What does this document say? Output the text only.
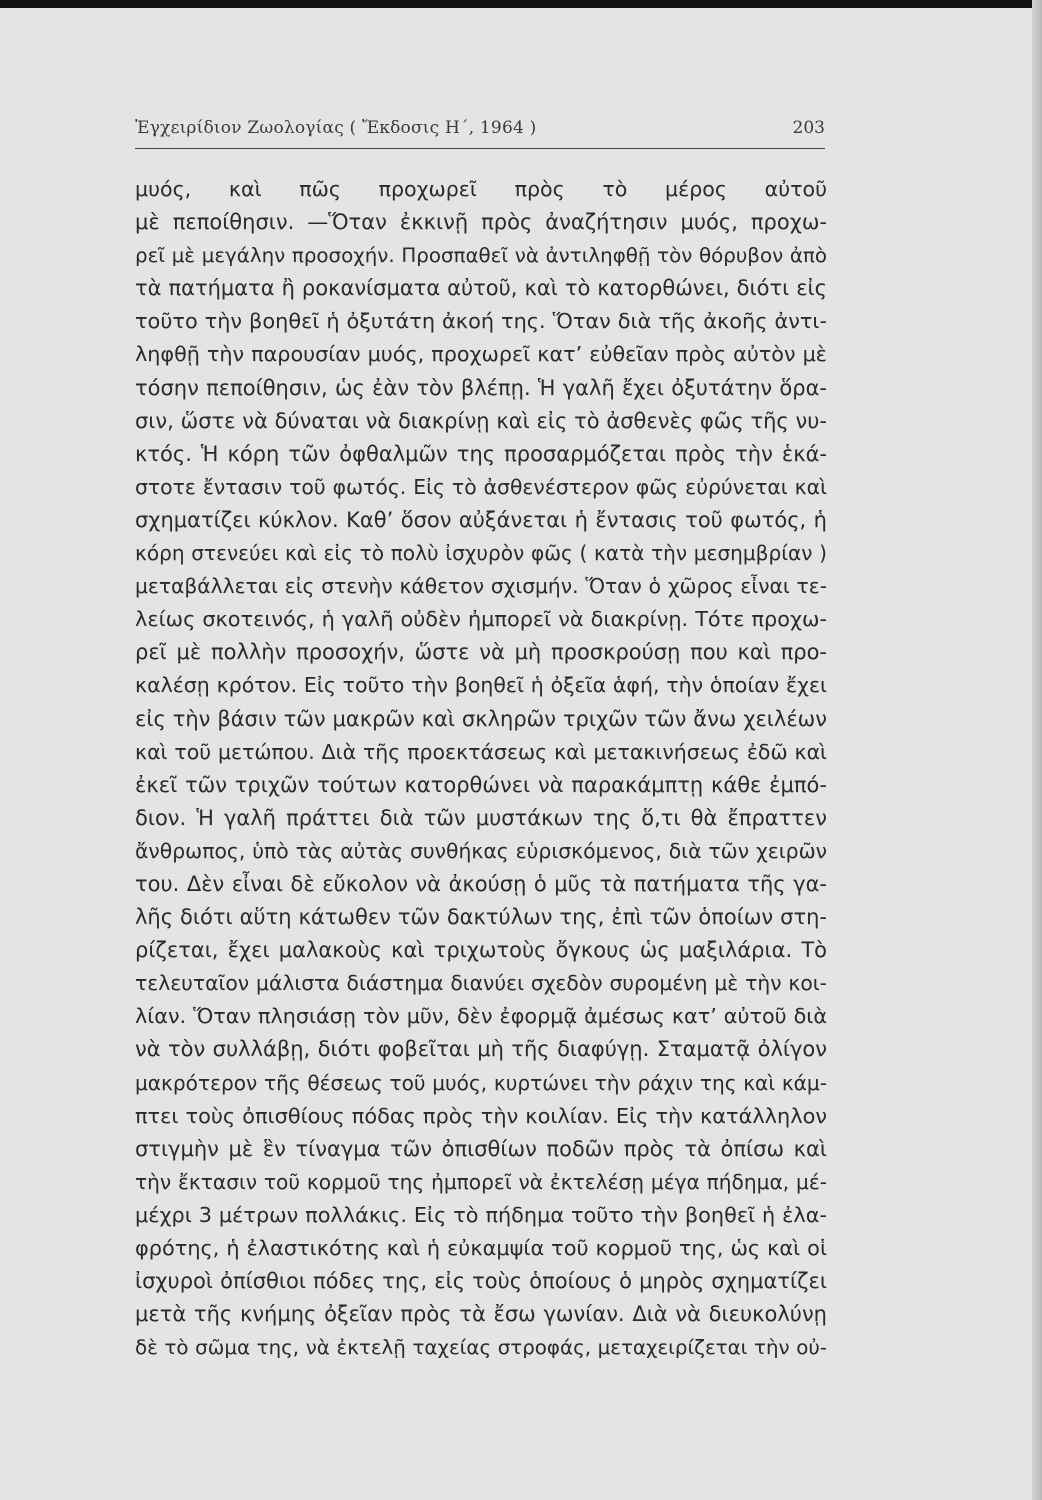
Ἐγχειρίδιον Ζωολογίας ( Ἔκδοσις Η΄, 1964 )	203
μυός, καὶ πῶς προχωρεῖ πρὸς τὸ μέρος αὐτοῦ
μὲ πεποίθησιν. —Ὅταν ἐκκινῇ πρὸς ἀναζήτησιν μυός, προχω-
ρεῖ μὲ μεγάλην προσοχήν. Προσπαθεῖ νὰ ἀντιληφθῇ τὸν θόρυβον ἀπὸ
τὰ πατήματα ἢ ροκανίσματα αὐτοῦ, καὶ τὸ κατορθώνει, διότι εἰς
τοῦτο τὴν βοηθεῖ ἡ ὀξυτάτη ἀκοή της. Ὅταν διὰ τῆς ἀκοῆς ἀντι-
ληφθῇ τὴν παρουσίαν μυός, προχωρεῖ κατ’ εὐθεῖαν πρὸς αὐτὸν μὲ
τόσην πεποίθησιν, ὡς ἐὰν τὸν βλέπῃ. Ἡ γαλῆ ἔχει ὀξυτάτην ὅρα-
σιν, ὥστε νὰ δύναται νὰ διακρίνῃ καὶ εἰς τὸ ἀσθενὲς φῶς τῆς νυ-
κτός. Ἡ κόρη τῶν ὀφθαλμῶν της προσαρμόζεται πρὸς τὴν ἑκά-
στοτε ἔντασιν τοῦ φωτός. Εἰς τὸ ἀσθενέστερον φῶς εὐρύνεται καὶ
σχηματίζει κύκλον. Καθ’ ὅσον αὐξάνεται ἡ ἔντασις τοῦ φωτός, ἡ
κόρη στενεύει καὶ εἰς τὸ πολὺ ἰσχυρὸν φῶς ( κατὰ τὴν μεσημβρίαν )
μεταβάλλεται εἰς στενὴν κάθετον σχισμήν. Ὅταν ὁ χῶρος εἶναι τε-
λείως σκοτεινός, ἡ γαλῆ οὐδὲν ἠμπορεῖ νὰ διακρίνῃ. Τότε προχω-
ρεῖ μὲ πολλὴν προσοχήν, ὥστε νὰ μὴ προσκρούσῃ που καὶ προ-
καλέσῃ κρότον. Εἰς τοῦτο τὴν βοηθεῖ ἡ ὀξεῖα ἁφή, τὴν ὁποίαν ἔχει
εἰς τὴν βάσιν τῶν μακρῶν καὶ σκληρῶν τριχῶν τῶν ἄνω χειλέων
καὶ τοῦ μετώπου. Διὰ τῆς προεκτάσεως καὶ μετακινήσεως ἐδῶ καὶ
ἐκεῖ τῶν τριχῶν τούτων κατορθώνει νὰ παρακάμπτῃ κάθε ἐμπό-
διον. Ἡ γαλῆ πράττει διὰ τῶν μυστάκων της ὅ,τι θὰ ἔπραττεν
ἄνθρωπος, ὑπὸ τὰς αὐτὰς συνθήκας εὑρισκόμενος, διὰ τῶν χειρῶν
του. Δὲν εἶναι δὲ εὔκολον νὰ ἀκούσῃ ὁ μῦς τὰ πατήματα τῆς γα-
λῆς διότι αὕτη κάτωθεν τῶν δακτύλων της, ἐπὶ τῶν ὁποίων στη-
ρίζεται, ἔχει μαλακοὺς καὶ τριχωτοὺς ὄγκους ὡς μαξιλάρια. Τὸ
τελευταῖον μάλιστα διάστημα διανύει σχεδὸν συρομένη μὲ τὴν κοι-
λίαν. Ὅταν πλησιάσῃ τὸν μῦν, δὲν ἐφορμᾷ ἀμέσως κατ’ αὐτοῦ διὰ
νὰ τὸν συλλάβῃ, διότι φοβεῖται μὴ τῆς διαφύγῃ. Σταματᾷ ὀλίγον
μακρότερον τῆς θέσεως τοῦ μυός, κυρτώνει τὴν ράχιν της καὶ κάμ-
πτει τοὺς ὀπισθίους πόδας πρὸς τὴν κοιλίαν. Εἰς τὴν κατάλληλον
στιγμὴν μὲ ἓν τίναγμα τῶν ὀπισθίων ποδῶν πρὸς τὰ ὀπίσω καὶ
τὴν ἔκτασιν τοῦ κορμοῦ της ἠμπορεῖ νὰ ἐκτελέσῃ μέγα πήδημα, μέ-
μέχρι 3 μέτρων πολλάκις. Εἰς τὸ πήδημα τοῦτο τὴν βοηθεῖ ἡ ἐλα-
φρότης, ἡ ἐλαστικότης καὶ ἡ εὐκαμψία τοῦ κορμοῦ της, ὡς καὶ οἱ
ἰσχυροὶ ὀπίσθιοι πόδες της, εἰς τοὺς ὁποίους ὁ μηρὸς σχηματίζει
μετὰ τῆς κνήμης ὀξεῖαν πρὸς τὰ ἔσω γωνίαν. Διὰ νὰ διευκολύνῃ
δὲ τὸ σῶμα της, νὰ ἐκτελῇ ταχείας στροφάς, μεταχειρίζεται τὴν οὐ-
